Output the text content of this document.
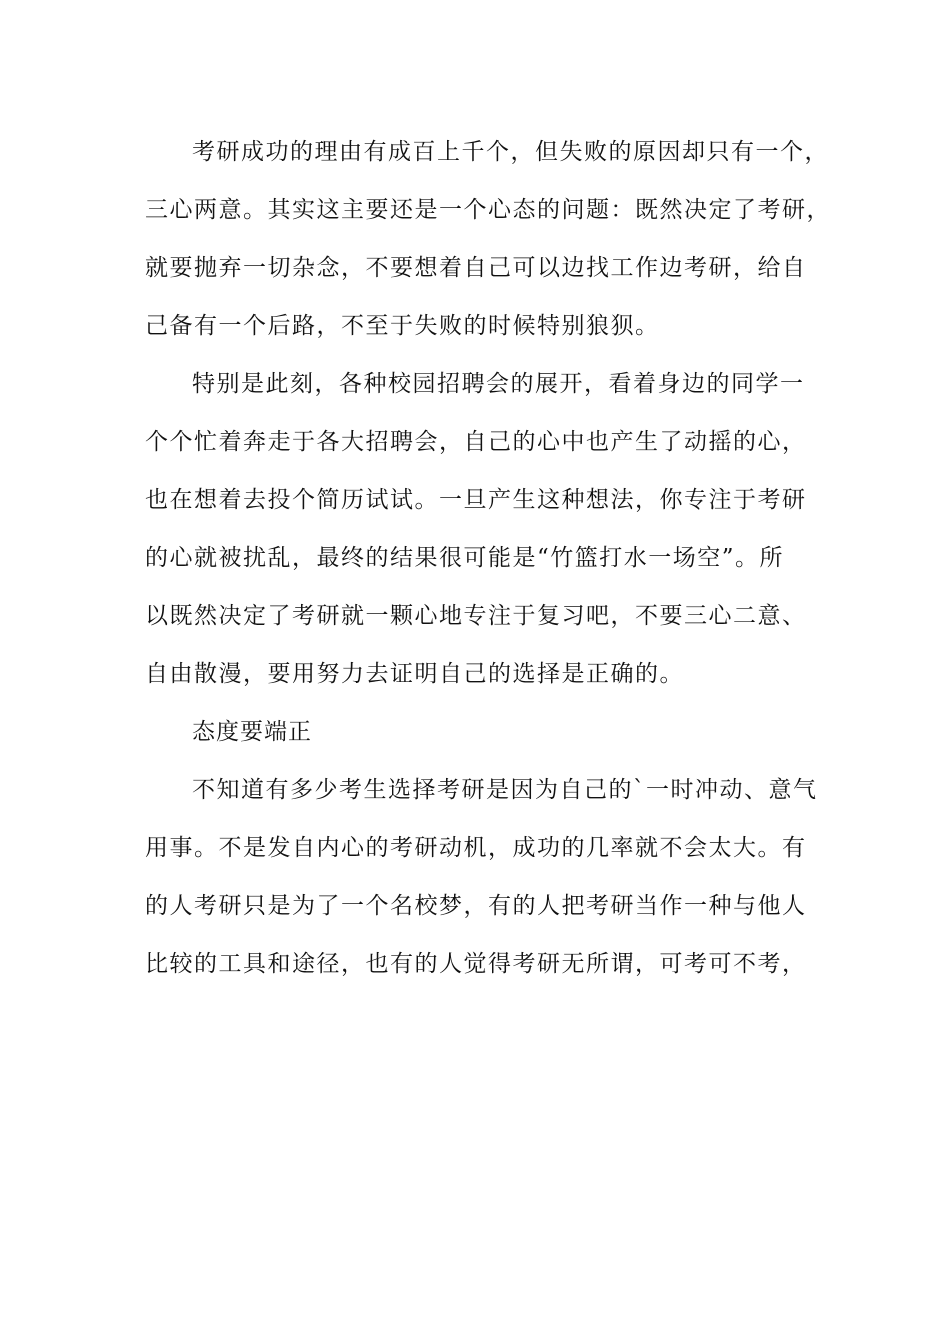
考研成功的理由有成百上千个，但失败的原因却只有一个，
三心两意。其实这主要还是一个心态的问题：既然决定了考研，
就要抛弃一切杂念，不要想着自己可以边找工作边考研，给自
己备有一个后路，不至于失败的时候特别狼狈。
特别是此刻，各种校园招聘会的展开，看着身边的同学一
个个忙着奔走于各大招聘会，自己的心中也产生了动摇的心，
也在想着去投个简历试试。一旦产生这种想法，你专注于考研
的心就被扰乱，最终的结果很可能是“竹篮打水一场空”。所
以既然决定了考研就一颗心地专注于复习吧，不要三心二意、
自由散漫，要用努力去证明自己的选择是正确的。
态度要端正
不知道有多少考生选择考研是因为自己的`一时冲动、意气
用事。不是发自内心的考研动机，成功的几率就不会太大。有
的人考研只是为了一个名校梦，有的人把考研当作一种与他人
比较的工具和途径，也有的人觉得考研无所谓，可考可不考，
